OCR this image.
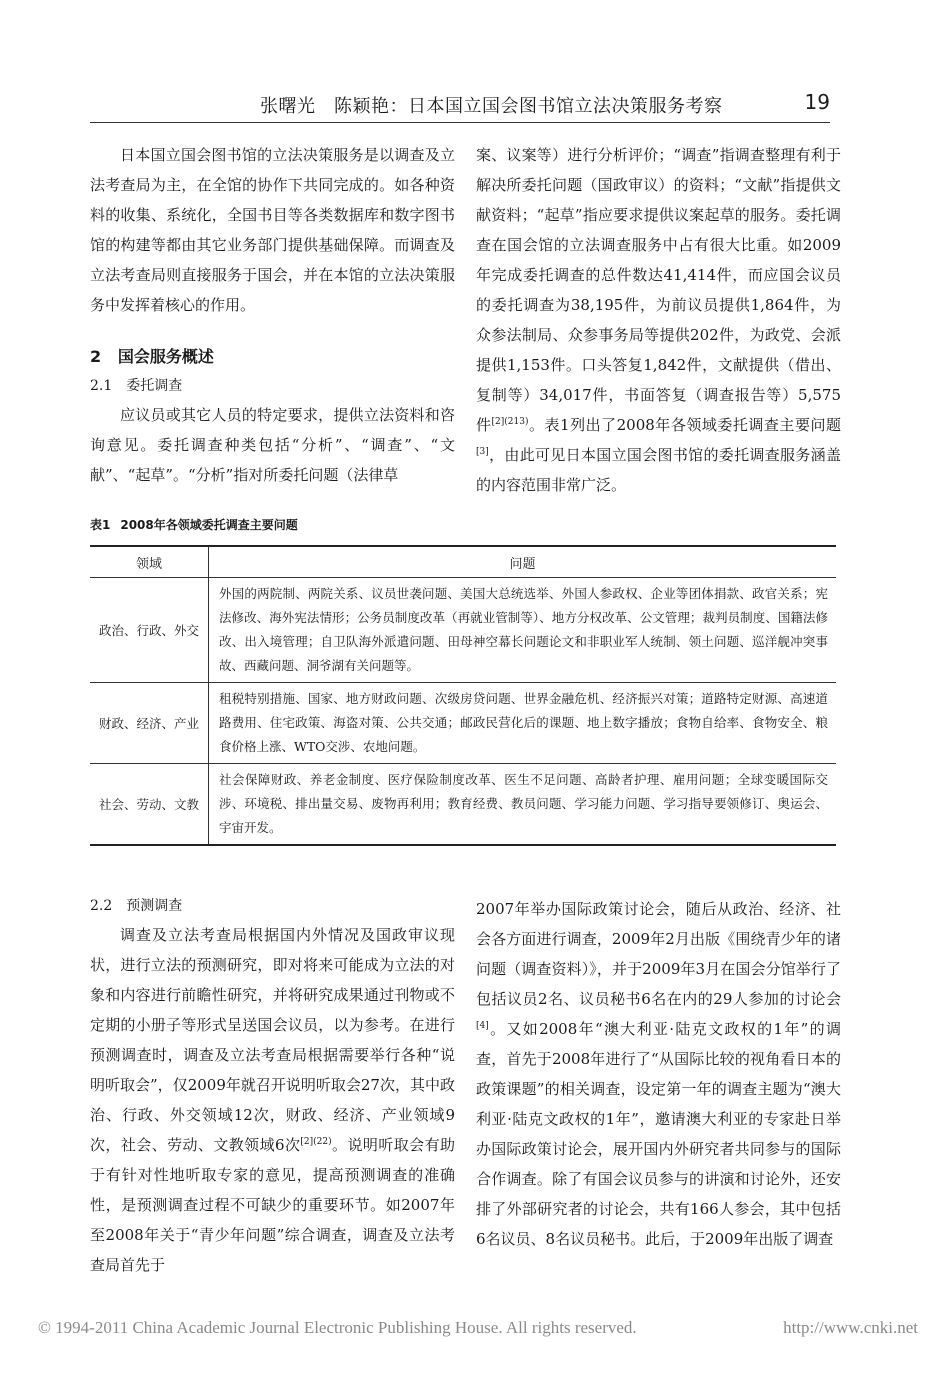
张曙光　陈颖艳：日本国立国会图书馆立法决策服务考察	19

日本国立国会图书馆的立法决策服务是以调查及立法考查局为主，在全馆的协作下共同完成的。如各种资料的收集、系统化，全国书目等各类数据库和数字图书馆的构建等都由其它业务部门提供基础保障。而调查及立法考查局则直接服务于国会，并在本馆的立法决策服务中发挥着核心的作用。

2 国会服务概述
2.1 委托调查

应议员或其它人员的特定要求，提供立法资料和咨询意见。委托调查种类包括“分析”、“调查”、“文献”、“起草”。“分析”指对所委托问题（法律草

案、议案等）进行分析评价；“调查”指调查整理有利于解决所委托问题（国政审议）的资料；“文献”指提供文献资料；“起草”指应要求提供议案起草的服务。委托调查在国会馆的立法调查服务中占有很大比重。如2009年完成委托调查的总件数达41,414件，而应国会议员的委托调查为38,195件，为前议员提供1,864件，为众参法制局、众参事务局等提供202件，为政党、会派提供1,153件。口头答复1,842件，文献提供（借出、复制等）34,017件，书面答复（调查报告等）5,575件$^{[2](213)}$。表1列出了2008年各领域委托调查主要问题[3]，由此可见日本国立国会图书馆的委托调查服务涵盖的内容范围非常广泛。

表1 2008年各领域委托调查主要问题
领域	问题
政治、行政、外交	外国的两院制、两院关系、议员世袭问题、美国大总统选举、外国人参政权、企业等团体捐款、政官关系；宪法修改、海外宪法情形；公务员制度改革（再就业管制等）、地方分权改革、公文管理；裁判员制度、国籍法修改、出入境管理；自卫队海外派遣问题、田母神空幕长问题论文和非职业军人统制、领土问题、巡洋舰冲突事故、西藏问题、洞爷湖有关问题等。
财政、经济、产业	租税特别措施、国家、地方财政问题、次级房贷问题、世界金融危机、经济振兴对策；道路特定财源、高速道路费用、住宅政策、海盗对策、公共交通；邮政民营化后的课题、地上数字播放；食物自给率、食物安全、粮食价格上涨、WTO交涉、农地问题。
社会、劳动、文教	社会保障财政、养老金制度、医疗保险制度改革、医生不足问题、高龄者护理、雇用问题；全球变暖国际交涉、环境税、排出量交易、废物再利用；教育经费、教员问题、学习能力问题、学习指导要领修订、奥运会、宇宙开发。
2.2 预测调查

调查及立法考查局根据国内外情况及国政审议现状，进行立法的预测研究，即对将来可能成为立法的对象和内容进行前瞻性研究，并将研究成果通过刊物或不定期的小册子等形式呈送国会议员，以为参考。在进行预测调查时，调查及立法考查局根据需要举行各种“说明听取会”，仅2009年就召开说明听取会27次，其中政治、行政、外交领域12次，财政、经济、产业领域9次，社会、劳动、文教领域6次$^{[2](22)}$。说明听取会有助于有针对性地听取专家的意见，提高预测调查的准确性，是预测调查过程不可缺少的重要环节。如2007年至2008年关于“青少年问题”综合调查，调查及立法考查局首先于

2007年举办国际政策讨论会，随后从政治、经济、社会各方面进行调查，2009年2月出版《围绕青少年的诸问题（调查资料）》，并于2009年3月在国会分馆举行了包括议员2名、议员秘书6名在内的29人参加的讨论会[4]。又如2008年“澳大利亚·陆克文政权的1年”的调查，首先于2008年进行了“从国际比较的视角看日本的政策课题”的相关调查，设定第一年的调查主题为“澳大利亚·陆克文政权的1年”，邀请澳大利亚的专家赴日举办国际政策讨论会，展开国内外研究者共同参与的国际合作调查。除了有国会议员参与的讲演和讨论外，还安排了外部研究者的讨论会，共有166人参会，其中包括6名议员、8名议员秘书。此后，于2009年出版了调查

© 1994-2011 China Academic Journal Electronic Publishing House. All rights reserved.	http://www.cnki.net
